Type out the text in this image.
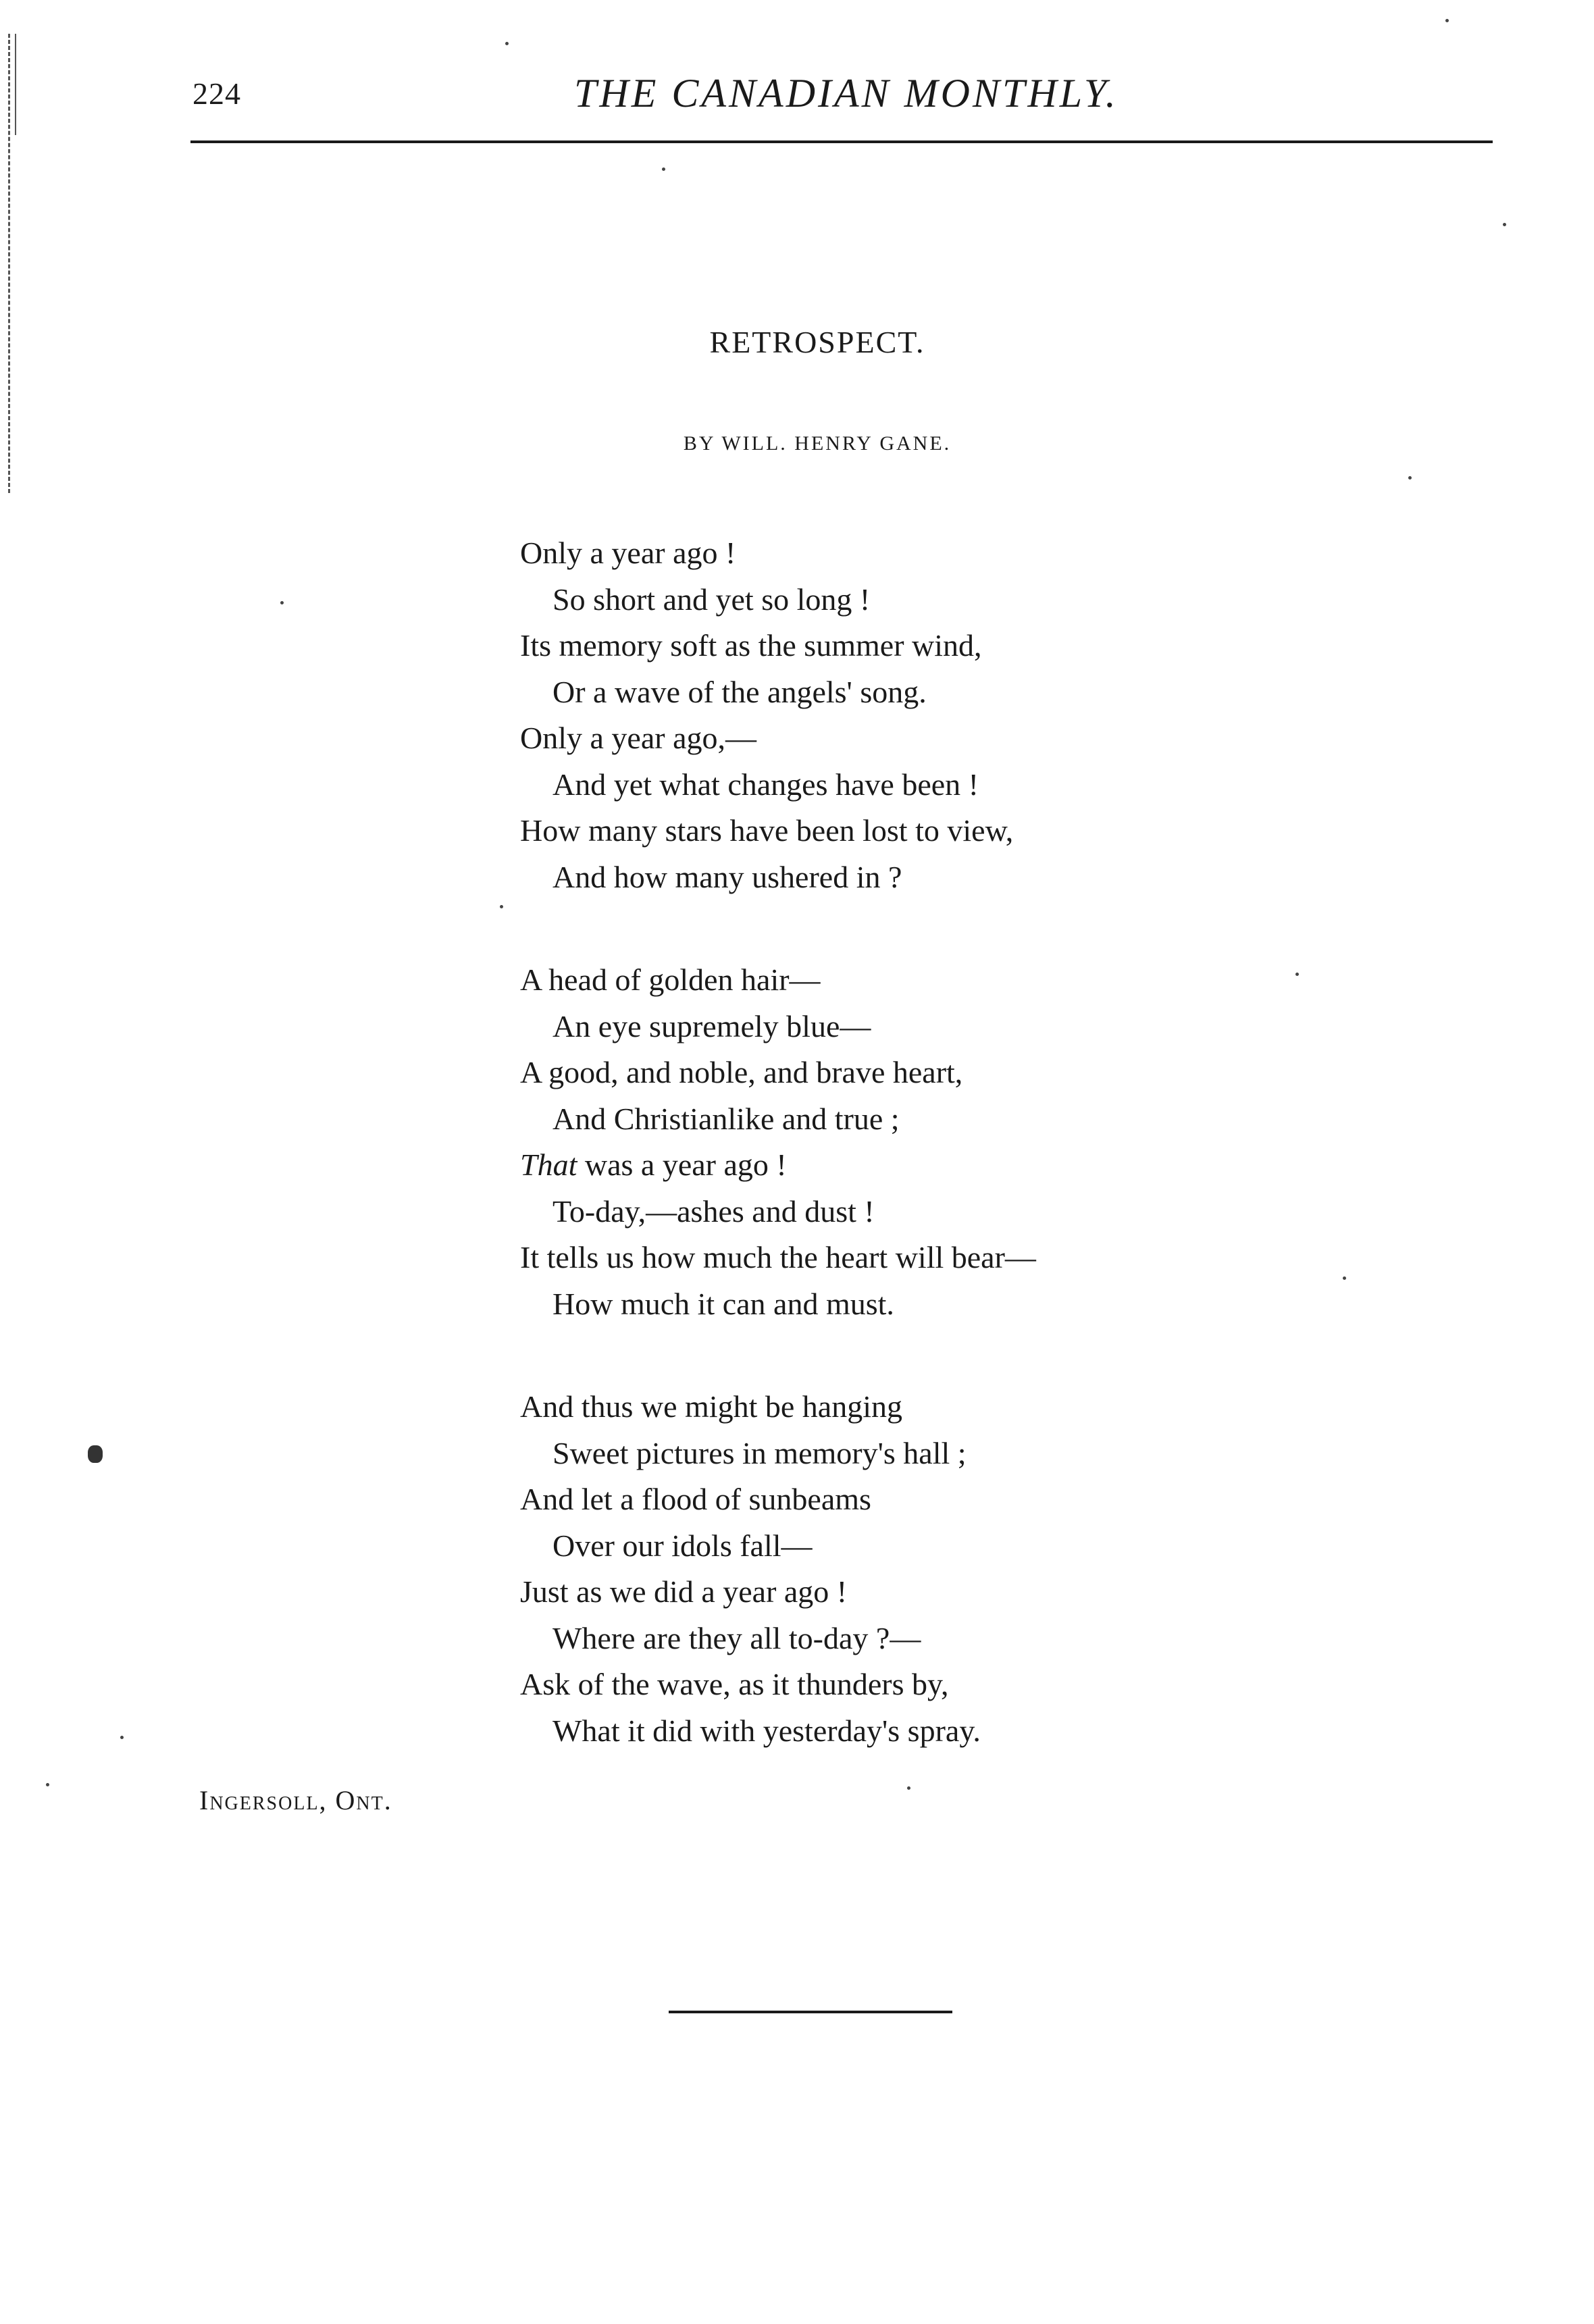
224	THE CANADIAN MONTHLY.
RETROSPECT.
BY WILL. HENRY GANE.
Only a year ago !
So short and yet so long !
Its memory soft as the summer wind,
Or a wave of the angels' song.
Only a year ago,—
And yet what changes have been !
How many stars have been lost to view,
And how many ushered in ?
A head of golden hair—
An eye supremely blue—
A good, and noble, and brave heart,
And Christianlike and true ;
That was a year ago !
To-day,—ashes and dust !
It tells us how much the heart will bear—
How much it can and must.
And thus we might be hanging
Sweet pictures in memory's hall ;
And let a flood of sunbeams
Over our idols fall—
Just as we did a year ago !
Where are they all to-day ?—
Ask of the wave, as it thunders by,
What it did with yesterday's spray.
Ingersoll, Ont.
